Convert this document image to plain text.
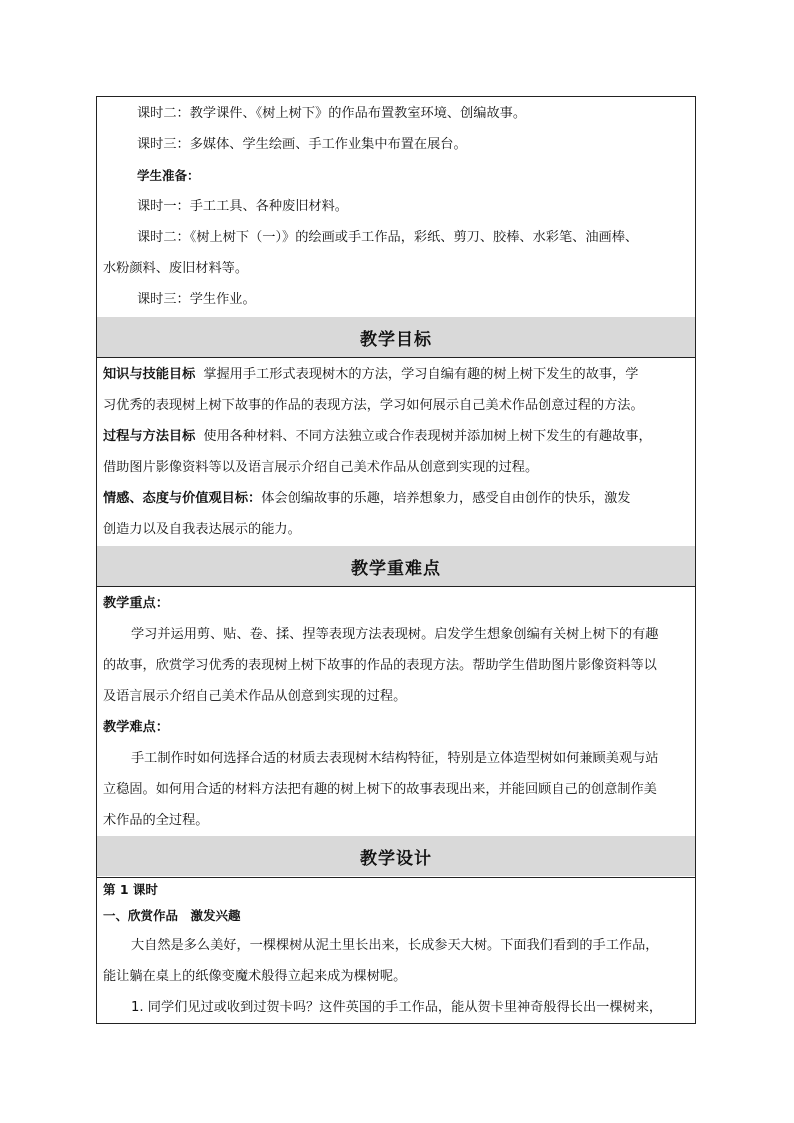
课时二：教学课件、《树上树下》的作品布置教室环境、创编故事。
课时三：多媒体、学生绘画、手工作业集中布置在展台。
学生准备：
课时一：手工工具、各种废旧材料。
课时二：《树上树下（一）》的绘画或手工作品，彩纸、剪刀、胶棒、水彩笔、油画棒、
水粉颜料、废旧材料等。
课时三：学生作业。
教学目标
知识与技能目标 掌握用手工形式表现树木的方法，学习自编有趣的树上树下发生的故事，学
习优秀的表现树上树下故事的作品的表现方法，学习如何展示自己美术作品创意过程的方法。
过程与方法目标 使用各种材料、不同方法独立或合作表现树并添加树上树下发生的有趣故事，
借助图片影像资料等以及语言展示介绍自己美术作品从创意到实现的过程。
情感、态度与价值观目标：体会创编故事的乐趣，培养想象力，感受自由创作的快乐，激发
创造力以及自我表达展示的能力。
教学重难点
教学重点：
学习并运用剪、贴、卷、揉、捏等表现方法表现树。启发学生想象创编有关树上树下的有趣
的故事，欣赏学习优秀的表现树上树下故事的作品的表现方法。帮助学生借助图片影像资料等以
及语言展示介绍自己美术作品从创意到实现的过程。
教学难点：
手工制作时如何选择合适的材质去表现树木结构特征，特别是立体造型树如何兼顾美观与站
立稳固。如何用合适的材料方法把有趣的树上树下的故事表现出来，并能回顾自己的创意制作美
术作品的全过程。
教学设计
第 1 课时
一、欣赏作品　激发兴趣
大自然是多么美好，一棵棵树从泥土里长出来，长成参天大树。下面我们看到的手工作品，
能让躺在桌上的纸像变魔术般得立起来成为棵树呢。
1. 同学们见过或收到过贺卡吗？这件英国的手工作品，能从贺卡里神奇般得长出一棵树来，
